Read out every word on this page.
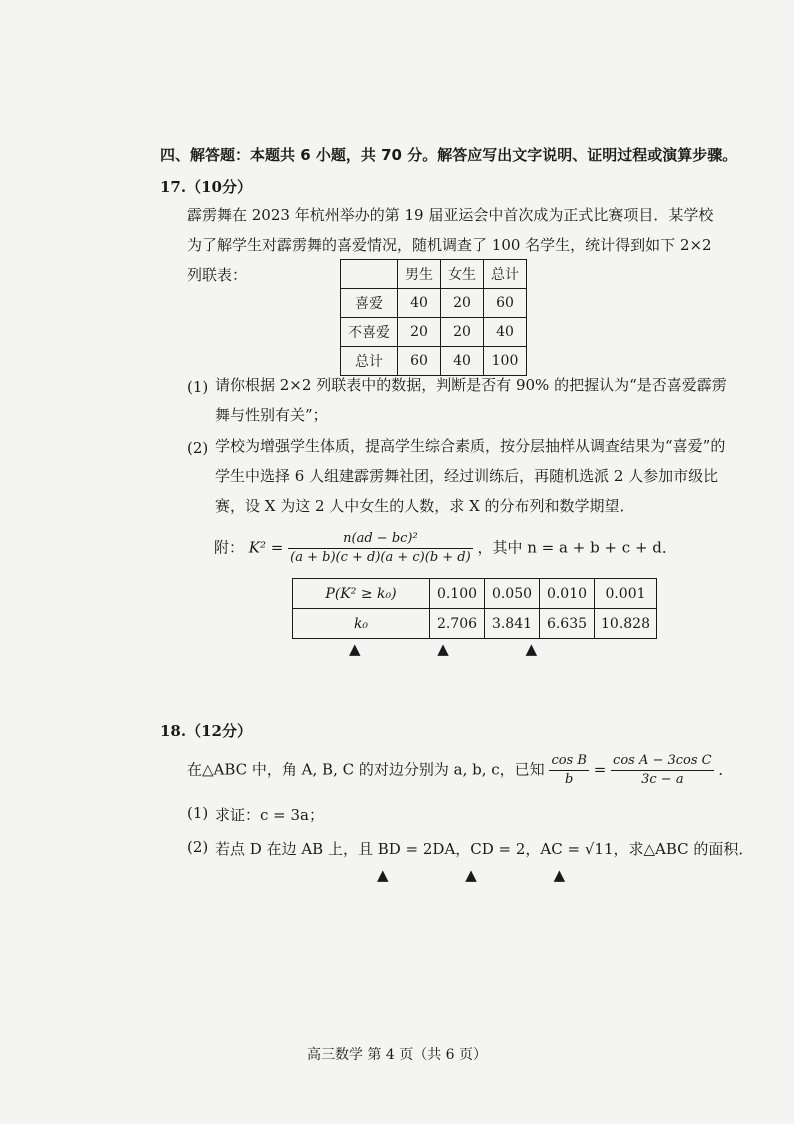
四、解答题：本题共 6 小题，共 70 分。解答应写出文字说明、证明过程或演算步骤。
17.（10分）
霹雳舞在 2023 年杭州举办的第 19 届亚运会中首次成为正式比赛项目．某学校为了解学生对霹雳舞的喜爱情况，随机调查了 100 名学生，统计得到如下 2×2 列联表：
		男生	女生	总计
喜爱	40	20	60
不喜爱	20	20	40
总计	60	40	100
(1) 请你根据 2×2 列联表中的数据，判断是否有 90% 的把握认为“是否喜爱霹雳舞与性别有关”；
(2) 学校为增强学生体质，提高学生综合素质，按分层抽样从调查结果为“喜爱”的学生中选择 6 人组建霹雳舞社团，经过训练后，再随机选派 2 人参加市级比赛，设 X 为这 2 人中女生的人数，求 X 的分布列和数学期望．
附： $K^2 = \frac{\text{n(ad − bc)²}}{(a + b)(c + d)(a + c)(b + d)}$ ，其中 n = a + b + c + d．
P(K² ≥ k₀)	0.100	0.050	0.010	0.001
k₀	2.706	3.841	6.635	10.828
▲ ▲ ▲
18.（12分）
在△ABC 中，角 A, B, C 的对边分别为 a, b, c，已知 $\frac{\text{cos B}}{b} = \frac{\text{cos A − 3cos C}}{3c - a}$ ．
(1) 求证：c = 3a；
(2) 若点 D 在边 AB 上，且 BD = 2DA，CD = 2，AC = √11，求△ABC 的面积．
▲ ▲ ▲
高三数学 第 4 页（共 6 页）
